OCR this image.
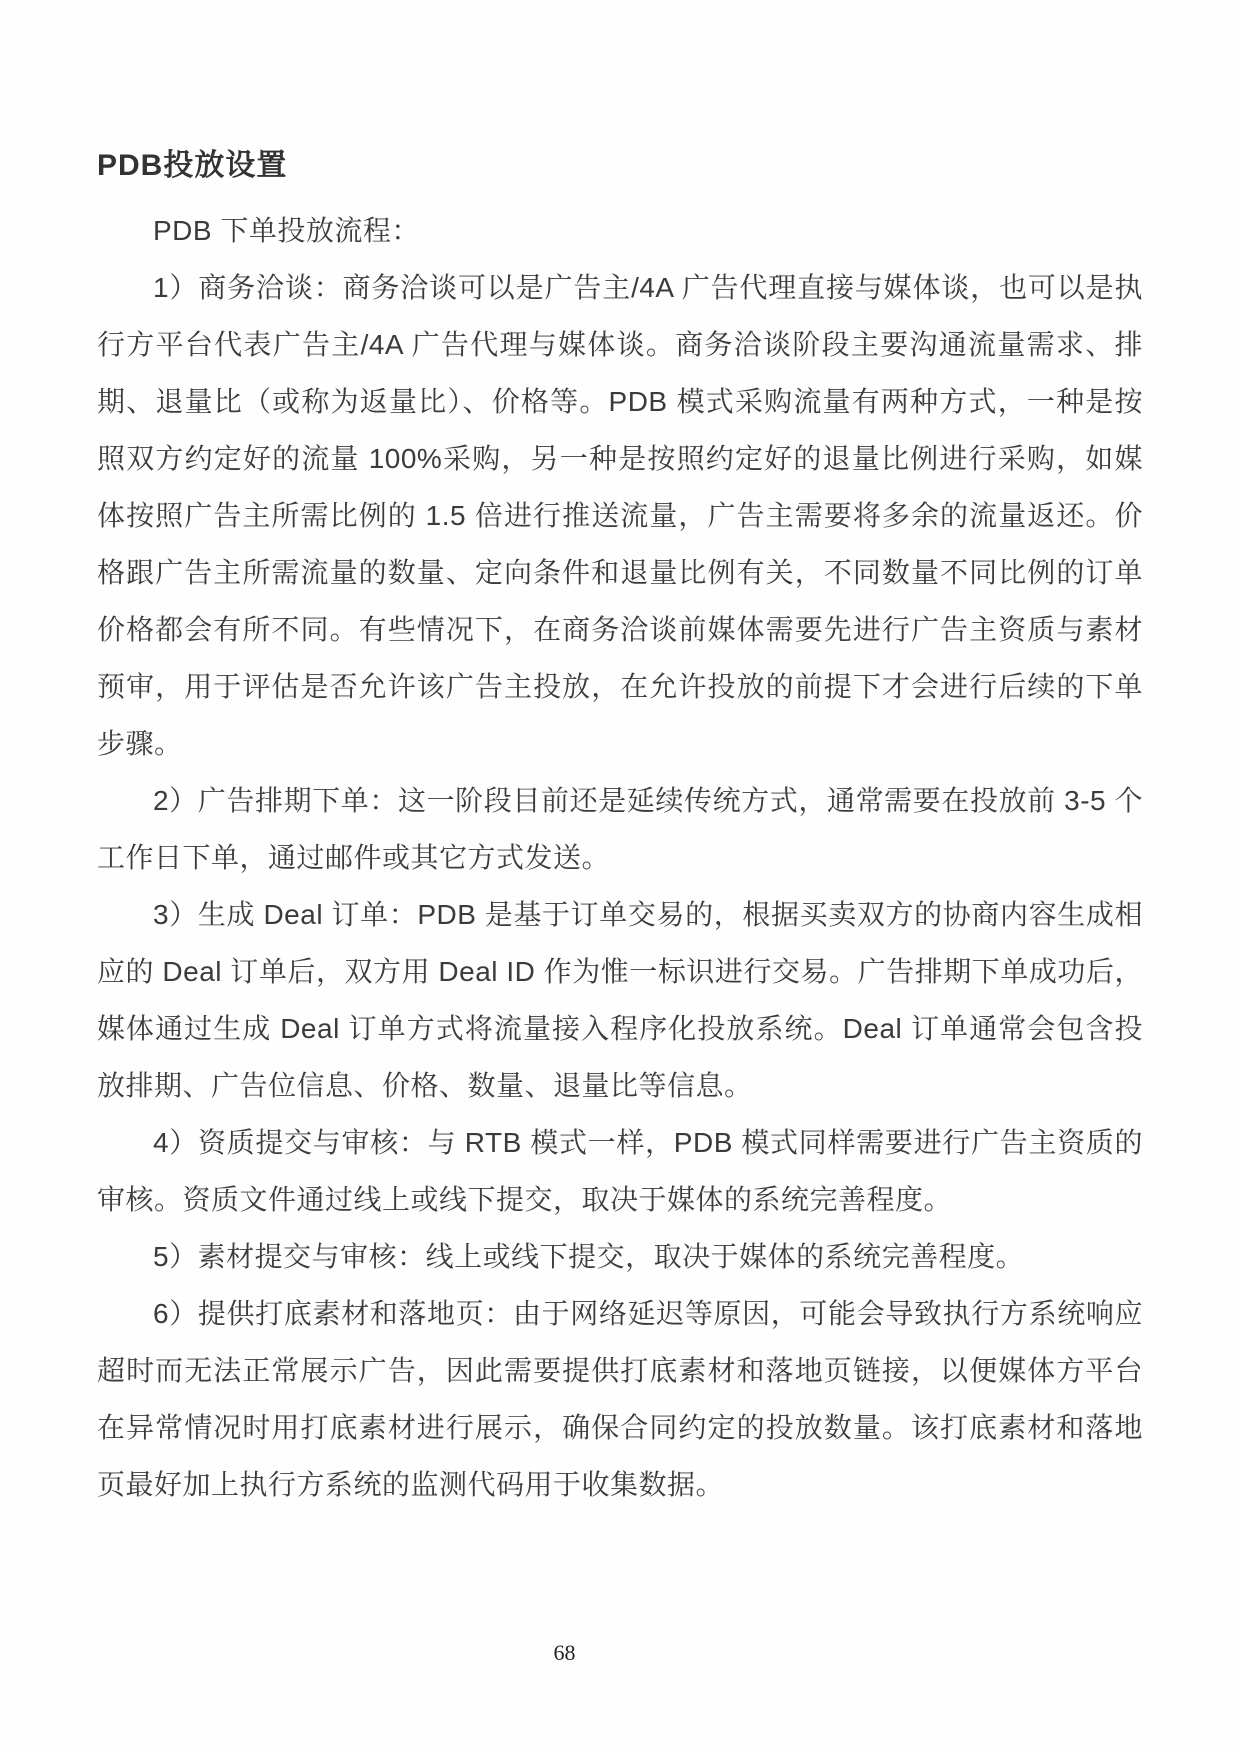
PDB投放设置

PDB 下单投放流程：

1）商务洽谈：商务洽谈可以是广告主/4A 广告代理直接与媒体谈，也可以是执行方平台代表广告主/4A 广告代理与媒体谈。商务洽谈阶段主要沟通流量需求、排期、退量比（或称为返量比）、价格等。PDB 模式采购流量有两种方式，一种是按照双方约定好的流量 100%采购，另一种是按照约定好的退量比例进行采购，如媒体按照广告主所需比例的 1.5 倍进行推送流量，广告主需要将多余的流量返还。价格跟广告主所需流量的数量、定向条件和退量比例有关，不同数量不同比例的订单价格都会有所不同。有些情况下，在商务洽谈前媒体需要先进行广告主资质与素材预审，用于评估是否允许该广告主投放，在允许投放的前提下才会进行后续的下单步骤。

2）广告排期下单：这一阶段目前还是延续传统方式，通常需要在投放前 3-5 个工作日下单，通过邮件或其它方式发送。

3）生成 Deal 订单：PDB 是基于订单交易的，根据买卖双方的协商内容生成相应的 Deal 订单后，双方用 Deal ID 作为惟一标识进行交易。广告排期下单成功后，媒体通过生成 Deal 订单方式将流量接入程序化投放系统。Deal 订单通常会包含投放排期、广告位信息、价格、数量、退量比等信息。

4）资质提交与审核：与 RTB 模式一样，PDB 模式同样需要进行广告主资质的审核。资质文件通过线上或线下提交，取决于媒体的系统完善程度。

5）素材提交与审核：线上或线下提交，取决于媒体的系统完善程度。

6）提供打底素材和落地页：由于网络延迟等原因，可能会导致执行方系统响应超时而无法正常展示广告，因此需要提供打底素材和落地页链接，以便媒体方平台在异常情况时用打底素材进行展示，确保合同约定的投放数量。该打底素材和落地页最好加上执行方系统的监测代码用于收集数据。

68
